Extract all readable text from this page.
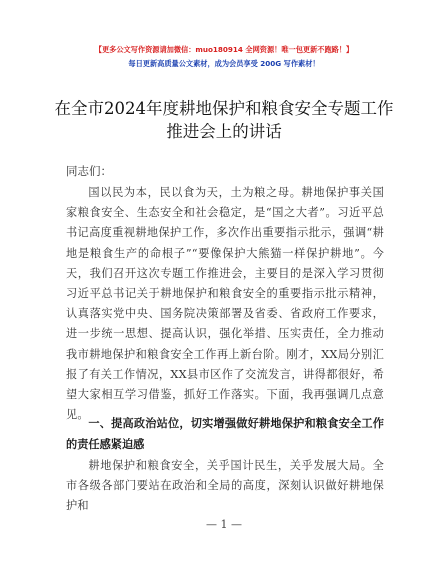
【更多公文写作资源请加微信：muo180914 全网资源！唯一包更新不跑路！】
每日更新高质量公文素材，成为会员享受 200G 写作素材！
在全市2024年度耕地保护和粮食安全专题工作
推进会上的讲话
同志们：
国以民为本，民以食为天，土为粮之母。耕地保护事关国家粮食安全、生态安全和社会稳定，是“国之大者”。习近平总书记高度重视耕地保护工作，多次作出重要指示批示，强调“耕地是粮食生产的命根子”“要像保护大熊猫一样保护耕地”。今天，我们召开这次专题工作推进会，主要目的是深入学习贯彻习近平总书记关于耕地保护和粮食安全的重要指示批示精神，认真落实党中央、国务院决策部署及省委、省政府工作要求，进一步统一思想、提高认识，强化举措、压实责任，全力推动我市耕地保护和粮食安全工作再上新台阶。刚才，XX局分别汇报了有关工作情况，XX县市区作了交流发言，讲得都很好，希望大家相互学习借鉴，抓好工作落实。下面，我再强调几点意见。
一、提高政治站位，切实增强做好耕地保护和粮食安全工作的责任感紧迫感
耕地保护和粮食安全，关乎国计民生，关乎发展大局。全市各级各部门要站在政治和全局的高度，深刻认识做好耕地保护和
— 1 —
